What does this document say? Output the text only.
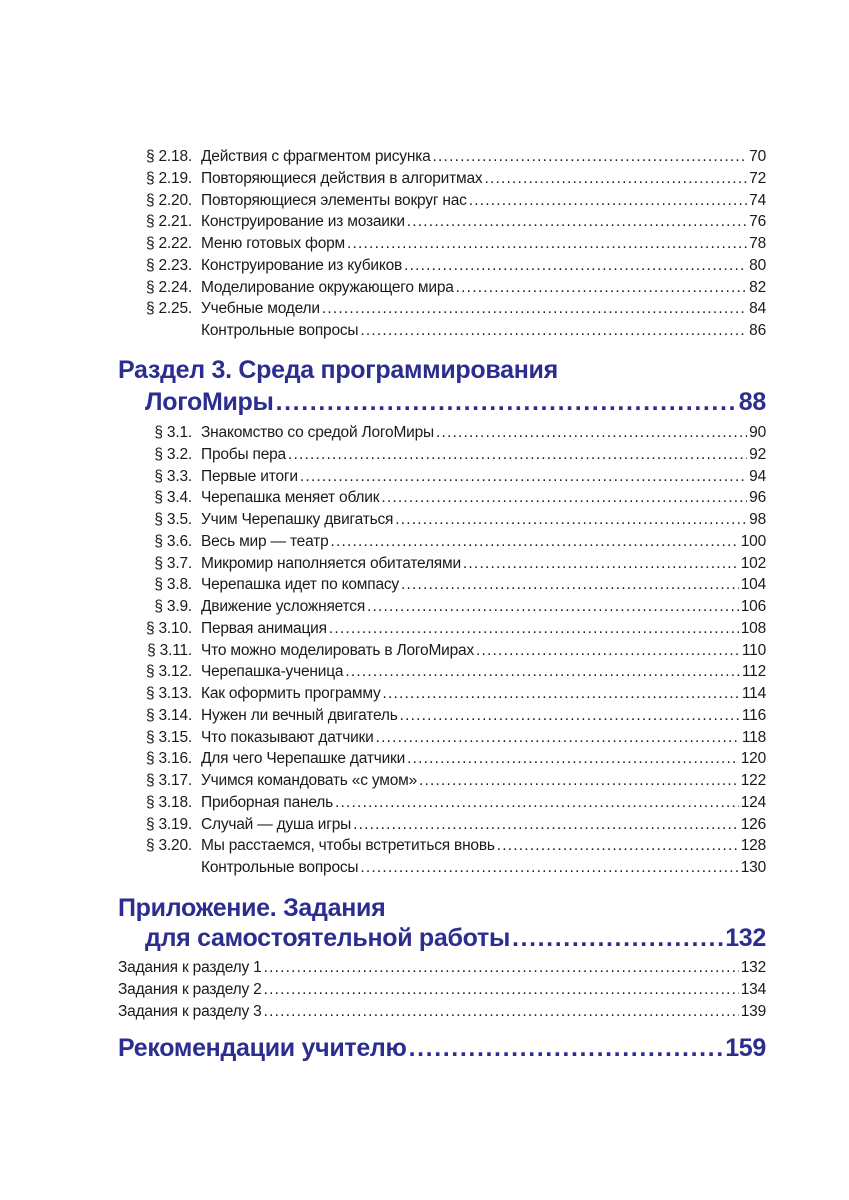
§ 2.18. Действия с фрагментом рисунка .....	70
§ 2.19. Повторяющиеся действия в алгоритмах .....	72
§ 2.20. Повторяющиеся элементы вокруг нас .....	74
§ 2.21. Конструирование из мозаики .....	76
§ 2.22. Меню готовых форм .....	78
§ 2.23. Конструирование из кубиков .....	80
§ 2.24. Моделирование окружающего мира .....	82
§ 2.25. Учебные модели .....	84
Контрольные вопросы .....	86
Раздел 3. Среда программирования
ЛогоМиры .....	88
§ 3.1. Знакомство со средой ЛогоМиры .....	90
§ 3.2. Пробы пера .....	92
§ 3.3. Первые итоги .....	94
§ 3.4. Черепашка меняет облик .....	96
§ 3.5. Учим Черепашку двигаться .....	98
§ 3.6. Весь мир — театр .....	100
§ 3.7. Микромир наполняется обитателями .....	102
§ 3.8. Черепашка идет по компасу .....	104
§ 3.9. Движение усложняется .....	106
§ 3.10. Первая анимация .....	108
§ 3.11. Что можно моделировать в ЛогоМирах .....	110
§ 3.12. Черепашка-ученица .....	112
§ 3.13. Как оформить программу .....	114
§ 3.14. Нужен ли вечный двигатель .....	116
§ 3.15. Что показывают датчики .....	118
§ 3.16. Для чего Черепашке датчики .....	120
§ 3.17. Учимся командовать «с умом» .....	122
§ 3.18. Приборная панель .....	124
§ 3.19. Случай — душа игры .....	126
§ 3.20. Мы расстаемся, чтобы встретиться вновь .....	128
Контрольные вопросы .....	130
Приложение. Задания
для самостоятельной работы .....	132
Задания к разделу 1 .....	132
Задания к разделу 2 .....	134
Задания к разделу 3 .....	139
Рекомендации учителю .....	159
